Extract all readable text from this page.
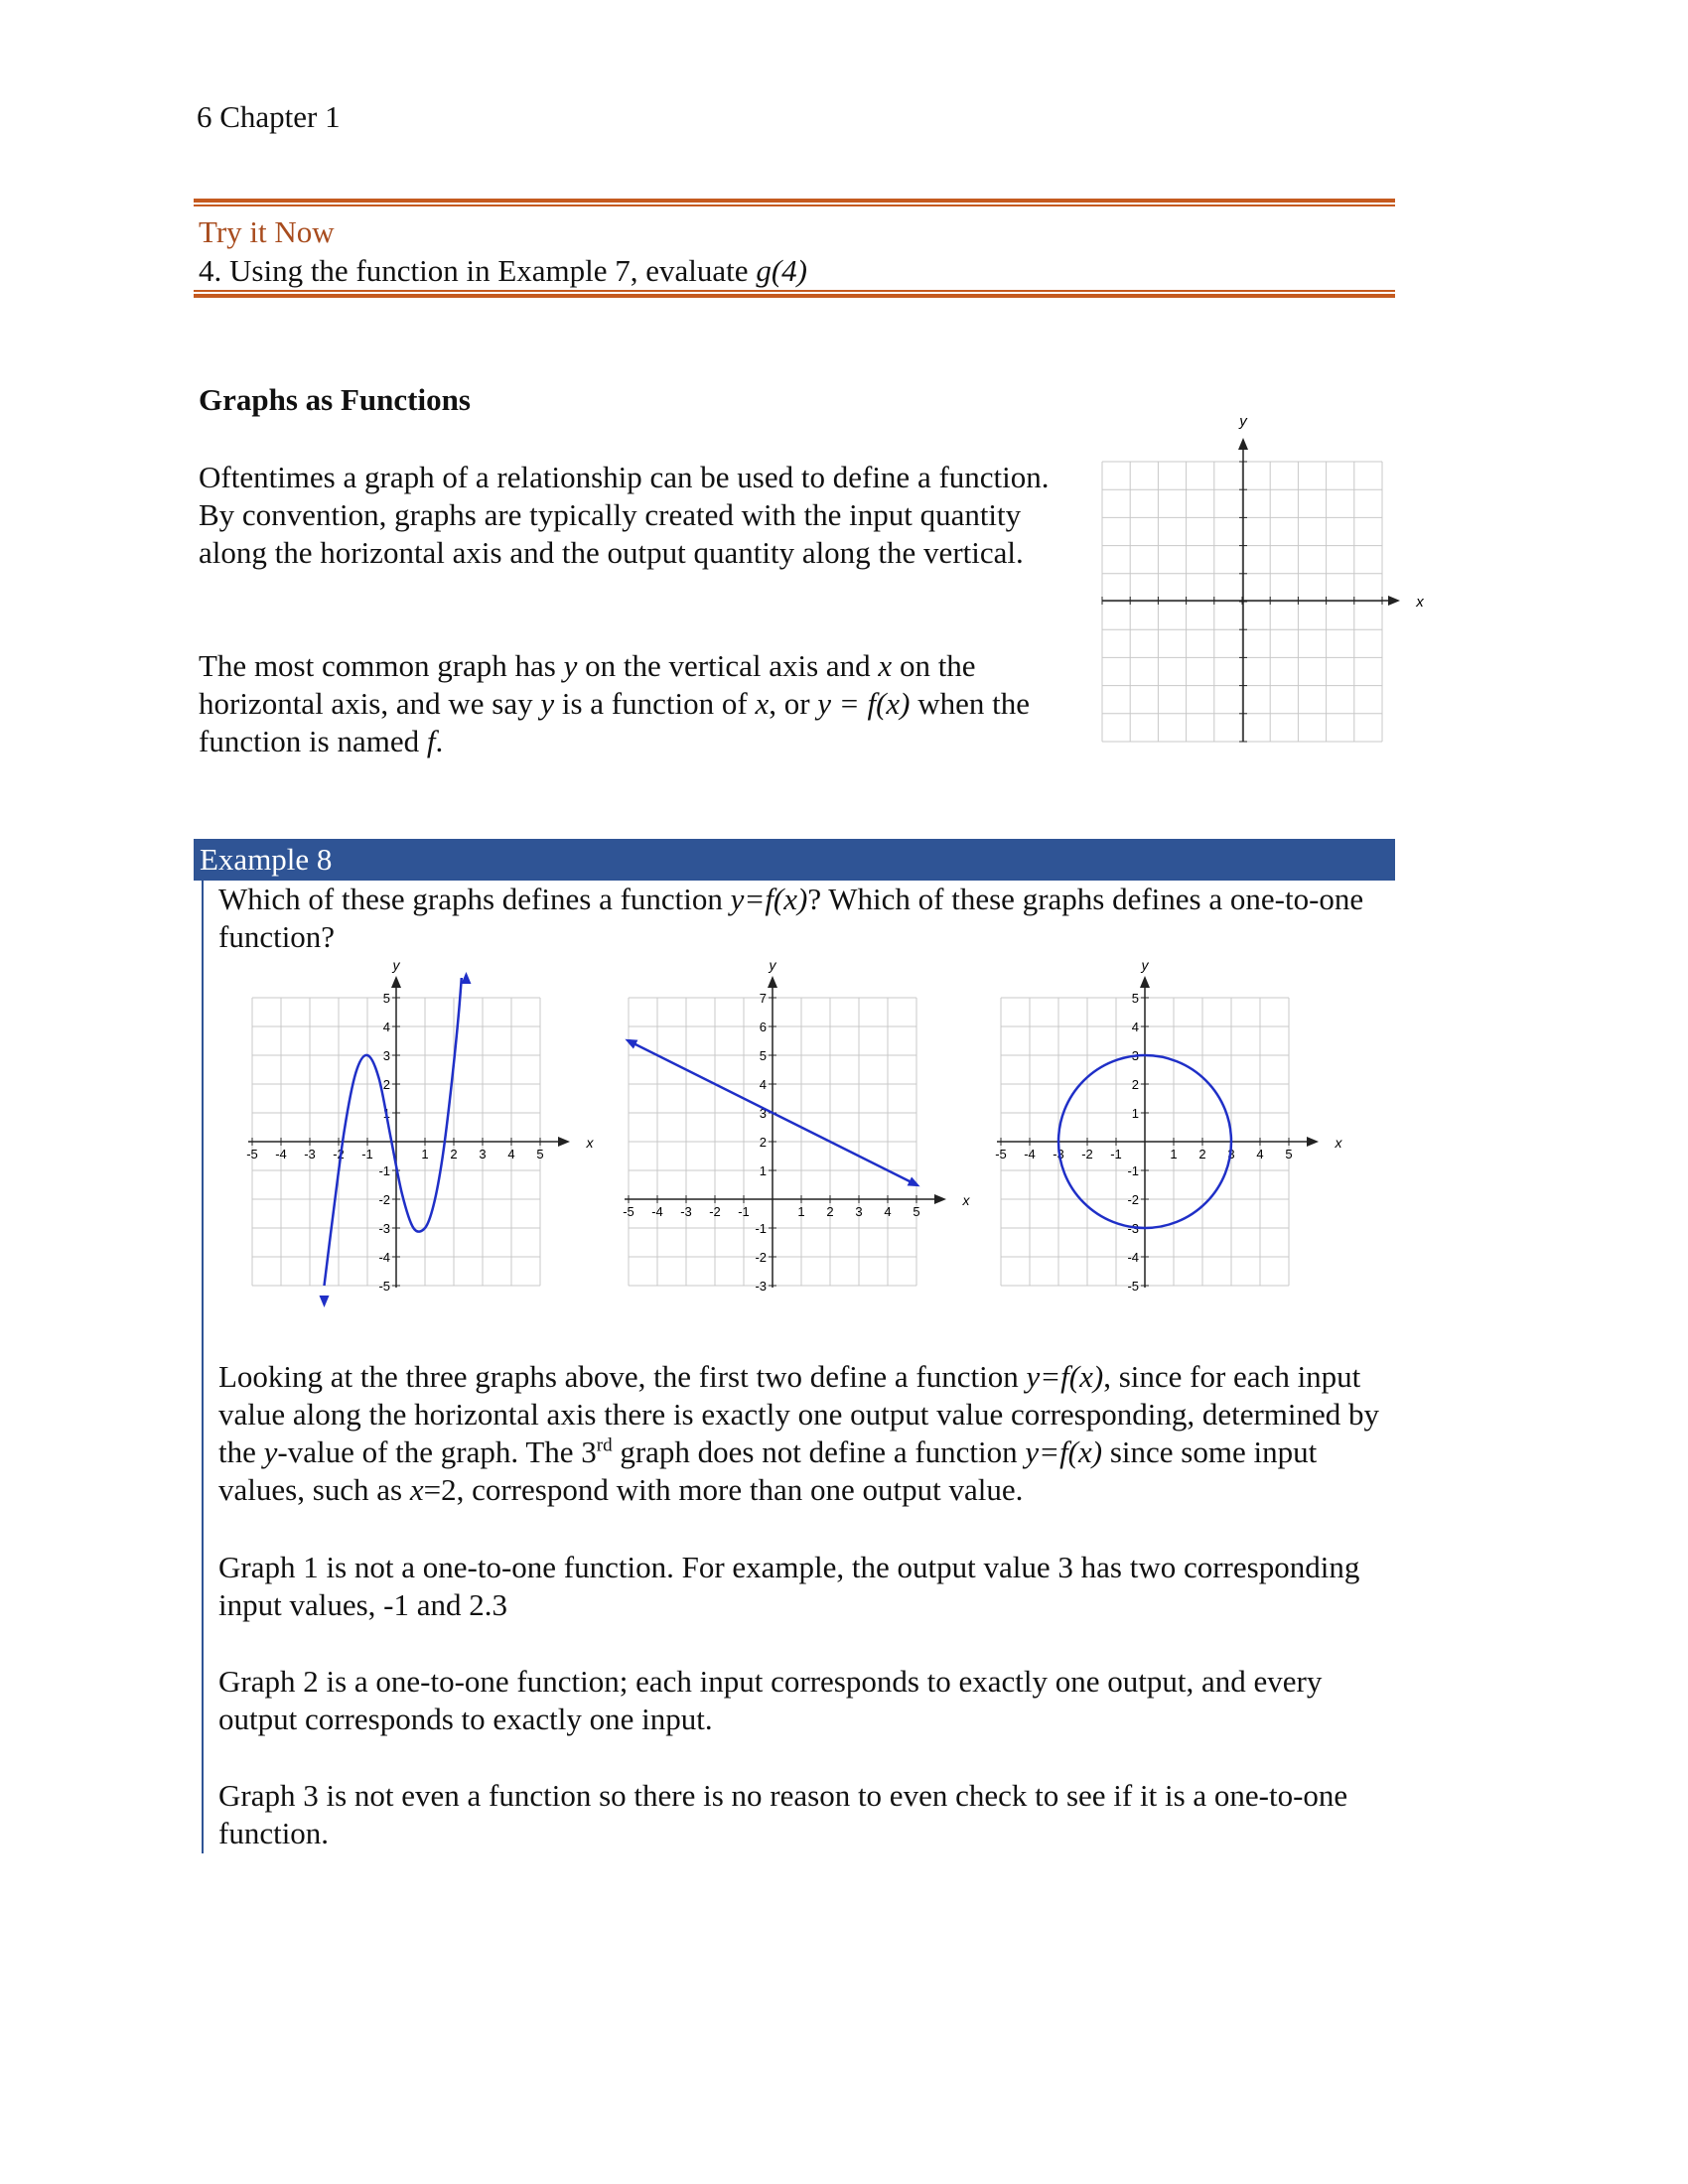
6 Chapter 1
Try it Now
4. Using the function in Example 7, evaluate g(4)
Graphs as Functions

Oftentimes a graph of a relationship can be used to define a function. By convention, graphs are typically created with the input quantity along the horizontal axis and the output quantity along the vertical.

The most common graph has y on the vertical axis and x on the horizontal axis, and we say y is a function of x, or y = f(x) when the function is named f.

y
x
Example 8

Which of these graphs defines a function y=f(x)? Which of these graphs defines a one-to-one function?

x
y
-5 -4 -3 -2 -1	1 2 3 4 5
5
4
3
2
1
-1
-2
-3
-4
-5
x
y
-5 -4 -3 -2 -1	1 2 3 4 5
7
6
5
4
3
2
1
-1
-2
-3
x
y
-5 -4 -3 -2 -1	1 2 3 4 5
5
4
3
2
1
-1
-2
-3
-4
-5

Looking at the three graphs above, the first two define a function y=f(x), since for each input value along the horizontal axis there is exactly one output value corresponding, determined by the y-value of the graph. The 3rd graph does not define a function y=f(x) since some input values, such as x=2, correspond with more than one output value.

Graph 1 is not a one-to-one function. For example, the output value 3 has two corresponding input values, -1 and 2.3

Graph 2 is a one-to-one function; each input corresponds to exactly one output, and every output corresponds to exactly one input.

Graph 3 is not even a function so there is no reason to even check to see if it is a one-to-one function.
